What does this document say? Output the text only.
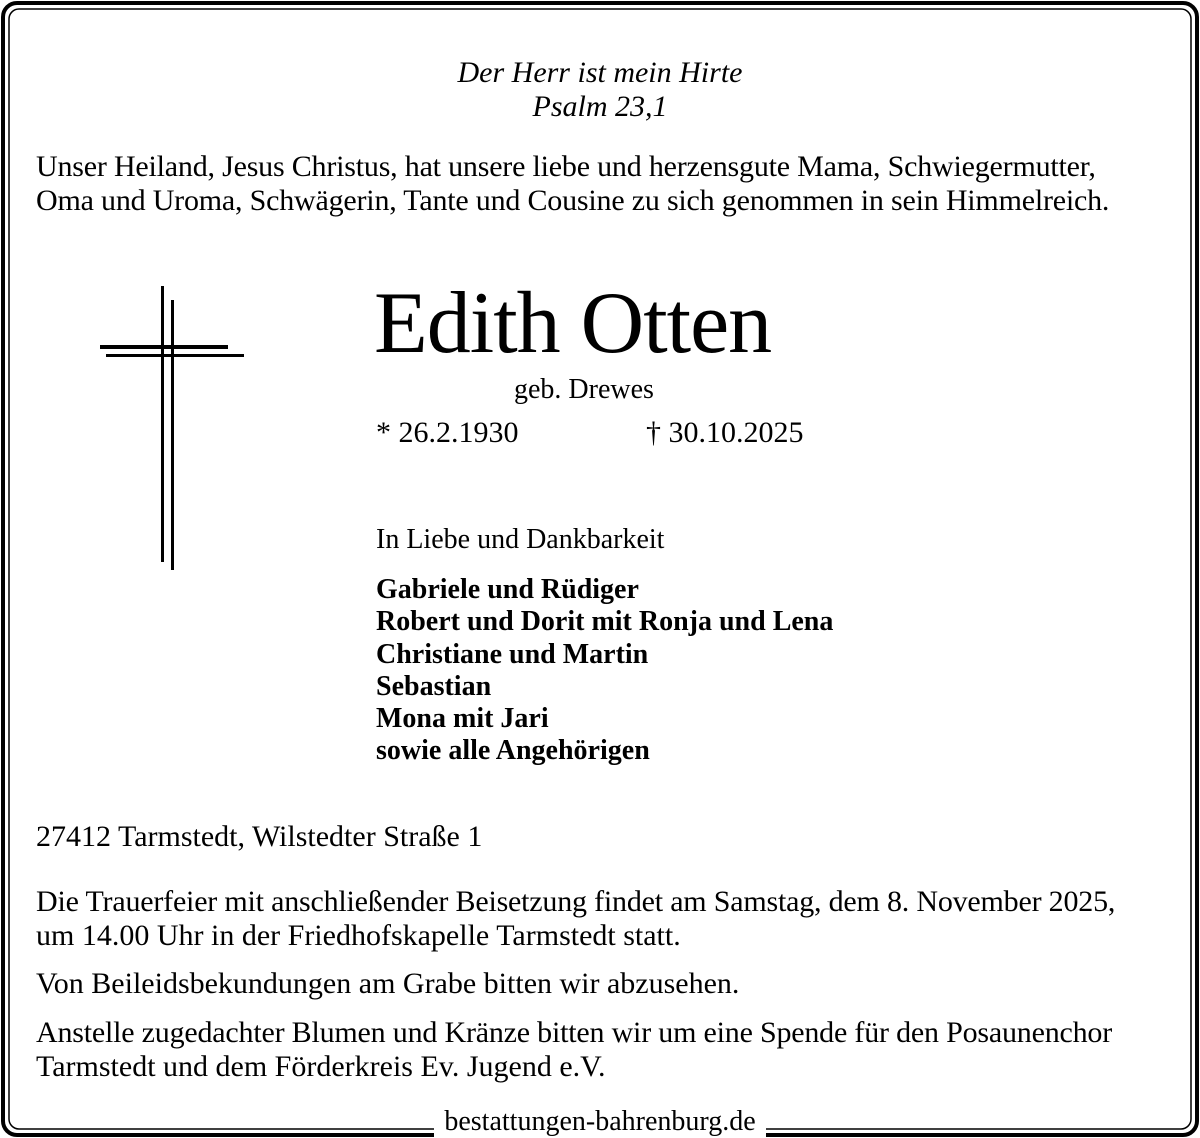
Der Herr ist mein Hirte
Psalm 23,1
Unser Heiland, Jesus Christus, hat unsere liebe und herzensgute Mama, Schwiegermutter,
Oma und Uroma, Schwägerin, Tante und Cousine zu sich genommen in sein Himmelreich.
Edith Otten
geb. Drewes
* 26.2.1930	† 30.10.2025
In Liebe und Dankbarkeit
Gabriele und Rüdiger
Robert und Dorit mit Ronja und Lena
Christiane und Martin
Sebastian
Mona mit Jari
sowie alle Angehörigen
27412 Tarmstedt, Wilstedter Straße 1
Die Trauerfeier mit anschließender Beisetzung findet am Samstag, dem 8. November 2025,
um 14.00 Uhr in der Friedhofskapelle Tarmstedt statt.
Von Beileidsbekundungen am Grabe bitten wir abzusehen.
Anstelle zugedachter Blumen und Kränze bitten wir um eine Spende für den Posaunenchor
Tarmstedt und dem Förderkreis Ev. Jugend e.V.
bestattungen-bahrenburg.de
